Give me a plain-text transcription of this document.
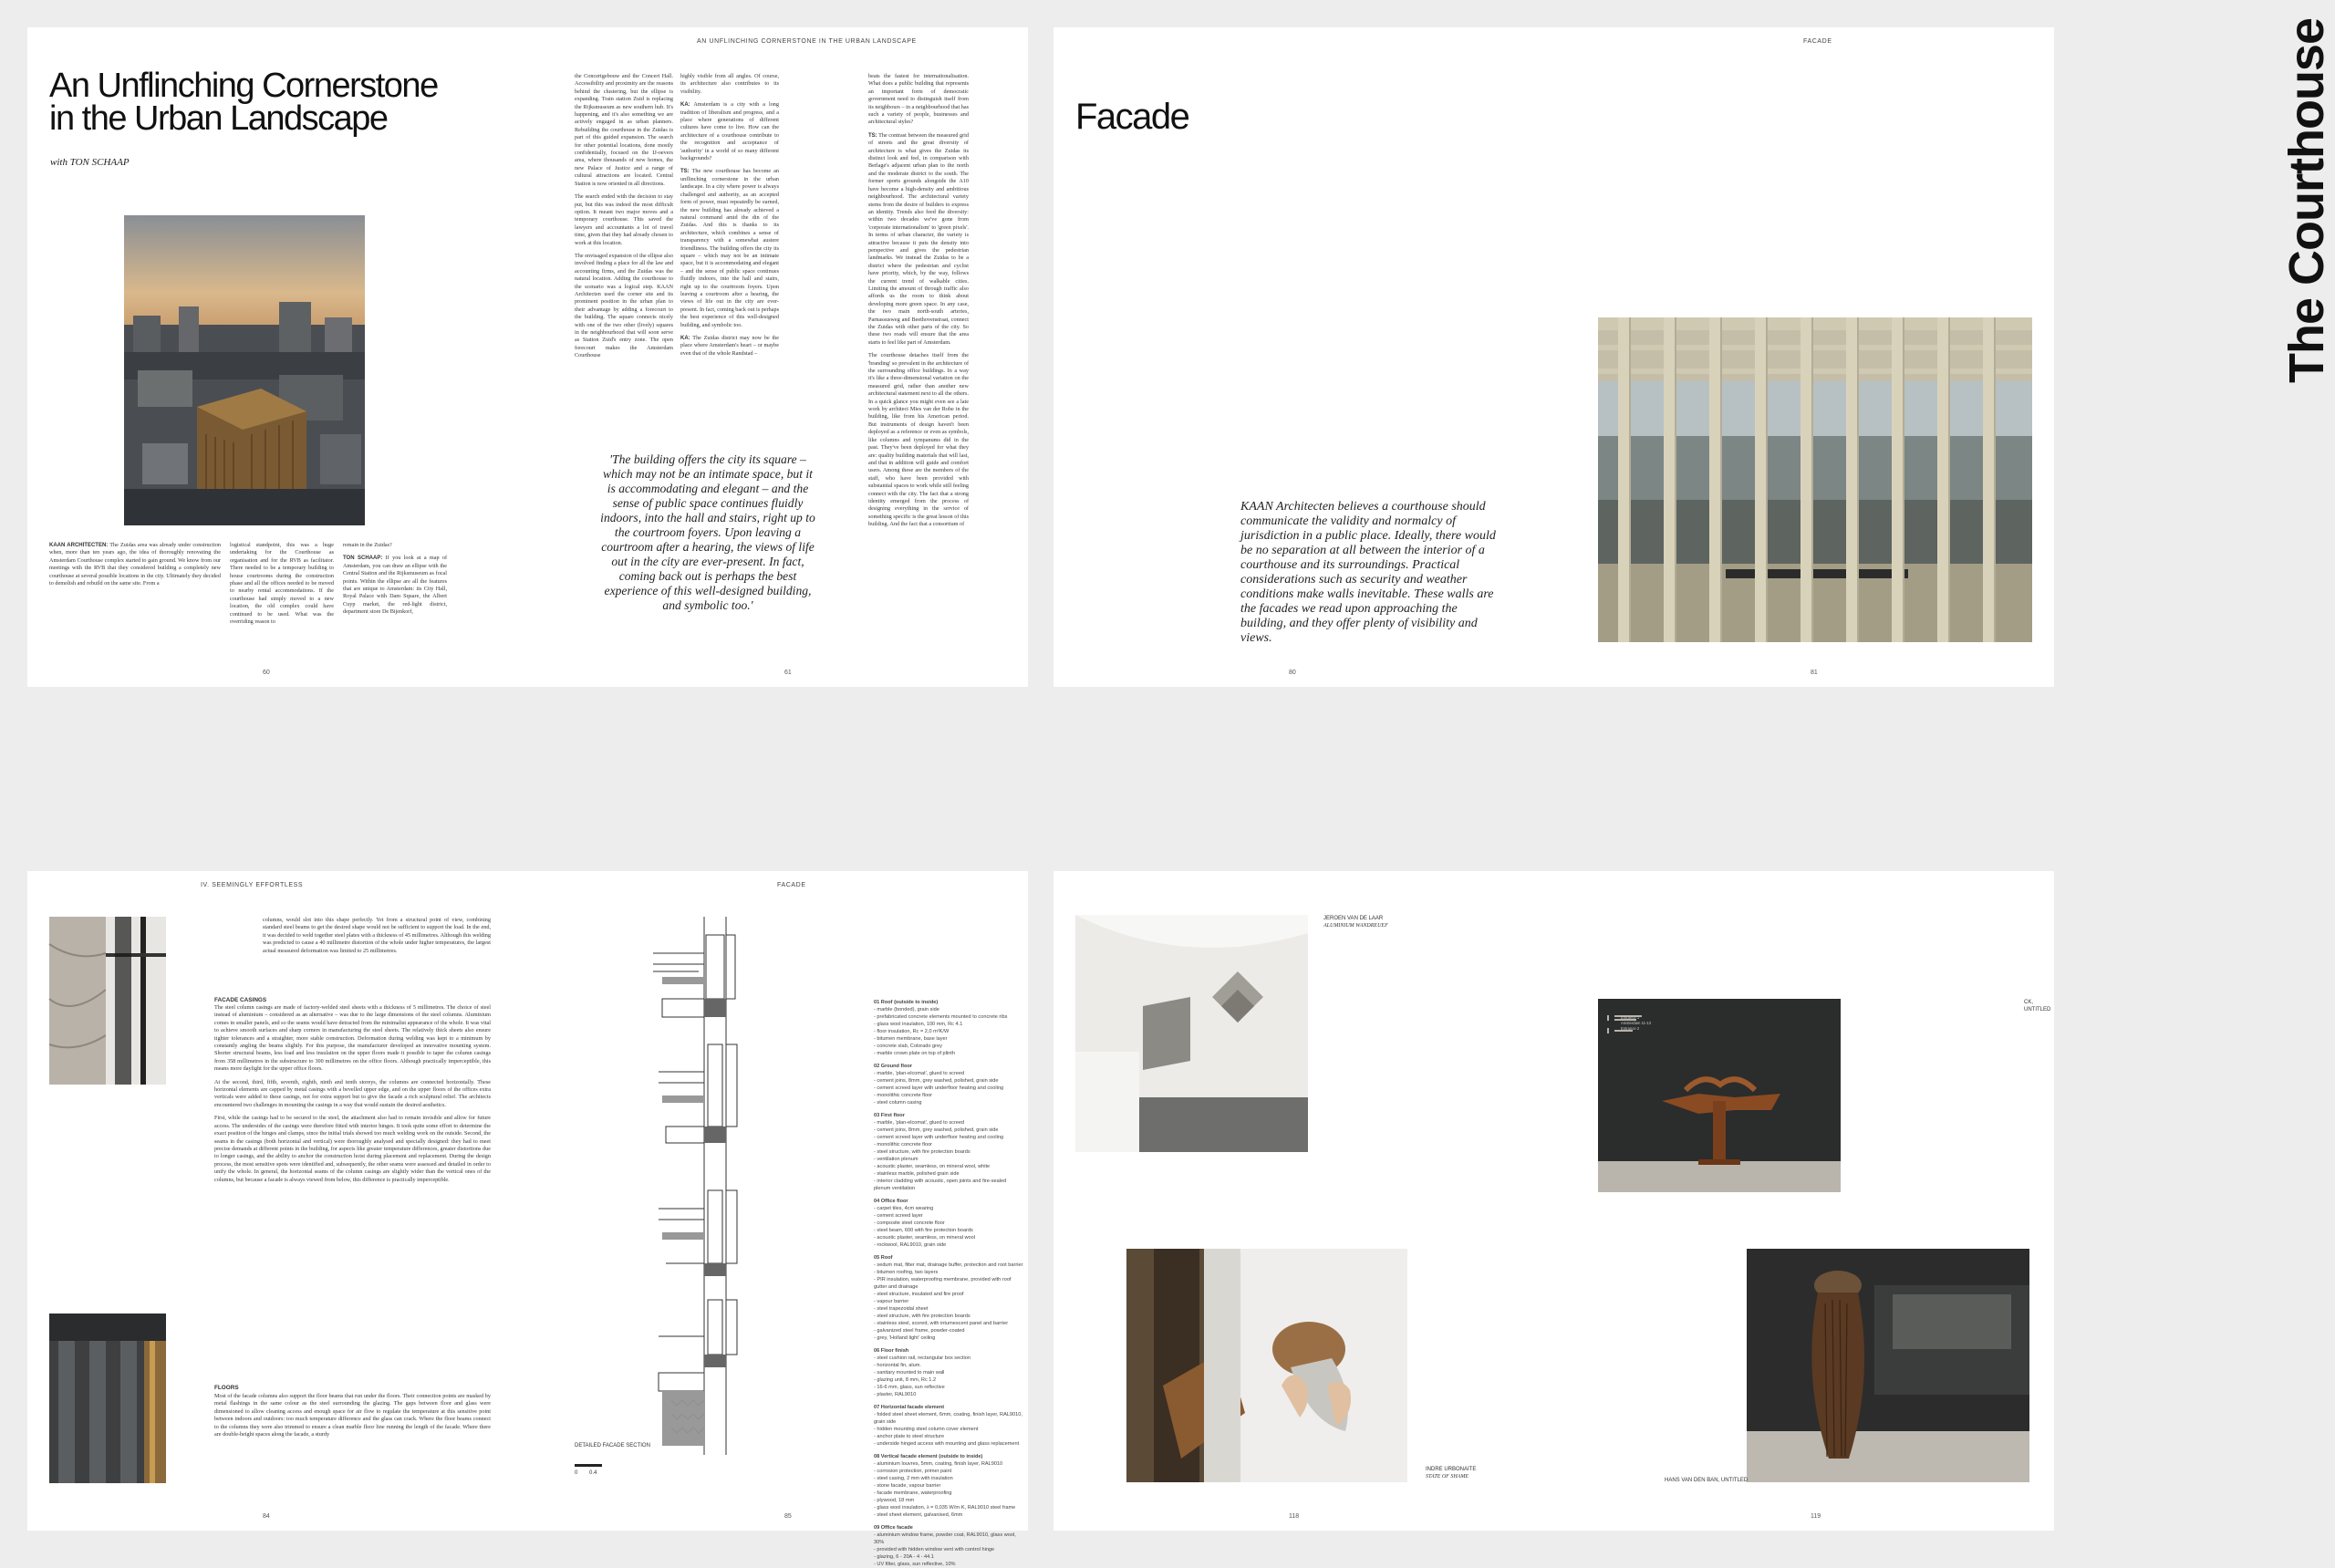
AN UNFLINCHING CORNERSTONE IN THE URBAN LANDSCAPE
An Unflinching Cornerstone
in the Urban Landscape
with TON SCHAAP
KAAN ARCHITECTEN: The Zuidas area was already under construction when, more than ten years ago, the idea of thoroughly renovating the Amsterdam Courthouse complex started to gain ground. We know from our meetings with the RVB that they considered building a completely new courthouse at several possible locations in the city. Ultimately they decided to demolish and rebuild on the same site. From a
logistical standpoint, this was a huge undertaking for the Courthouse as organisation and for the RVB as facilitator. There needed to be a temporary building to house courtrooms during the construction phase and all the offices needed to be moved to nearby rental accommodations. If the courthouse had simply moved to a new location, the old complex could have continued to be used. What was the overriding reason to

remain in the Zuidas?

TON SCHAAP: If you look at a map of Amsterdam, you can draw an ellipse with the Central Station and the Rijksmuseum as focal points. Within the ellipse are all the features that are unique to Amsterdam: its City Hall, Royal Palace with Dam Square, the Albert Cuyp market, the red-light district, department store De Bijenkorf,

the Concertgebouw and the Concert Hall. Accessibility and proximity are the reasons behind the clustering, but the ellipse is expanding. Train station Zuid is replacing the Rijksmuseum as new southern hub. It's happening, and it's also something we are actively engaged in as urban planners. Rebuilding the courthouse in the Zuidas is part of this guided expansion. The search for other potential locations, done mostly confidentially, focused on the IJ-oevers area, where thousands of new homes, the new Palace of Justice and a range of cultural attractions are located. Central Station is now oriented in all directions.

The search ended with the decision to stay put, but this was indeed the most difficult option. It meant two major moves and a temporary courthouse. This saved the lawyers and accountants a lot of travel time, given that they had already chosen to work at this location.

The envisaged expansion of the ellipse also involved finding a place for all the law and accounting firms, and the Zuidas was the natural location. Adding the courthouse to the scenario was a logical step. KAAN Architecten used the corner site and its prominent position in the urban plan to their advantage by adding a forecourt to the building. The square connects nicely with one of the two other (lively) squares in the neighbourhood that will soon serve as Station Zuid's entry zone. The open forecourt makes the Amsterdam Courthouse

highly visible from all angles. Of course, its architecture also contributes to its visibility.

KA: Amsterdam is a city with a long tradition of liberalism and progress, and a place where generations of different cultures have come to live. How can the architecture of a courthouse contribute to the recognition and acceptance of 'authority' in a world of so many different backgrounds?

TS: The new courthouse has become an unflinching cornerstone in the urban landscape. In a city where power is always challenged and authority, as an accepted form of power, must repeatedly be earned, the new building has already achieved a natural command amid the din of the Zuidas. And this is thanks to its architecture, which combines a sense of transparency with a somewhat austere friendliness. The building offers the city its square – which may not be an intimate space, but it is accommodating and elegant – and the sense of public space continues fluidly indoors, into the hall and stairs, right up to the courtroom foyers. Upon leaving a courtroom after a hearing, the views of life out in the city are ever-present. In fact, coming back out is perhaps the best experience of this well-designed building, and symbolic too.

KA: The Zuidas district may now be the place where Amsterdam's heart – or maybe even that of the whole Randstad –

beats the fastest for internationalisation. What does a public building that represents an important form of democratic government need to distinguish itself from its neighbours – in a neighbourhood that has such a variety of people, businesses and architectural styles?

TS: The contrast between the measured grid of streets and the great diversity of architecture is what gives the Zuidas its distinct look and feel, in comparison with Berlage's adjacent urban plan to the north and the moderate district to the south. The former sports grounds alongside the A10 have become a high-density and ambitious neighbourhood. The architectural variety stems from the desire of builders to express an identity. Trends also feed the diversity: within two decades we've gone from 'corporate internationalism' to 'green pixels'. In terms of urban character, the variety is attractive because it puts the density into perspective and gives the pedestrian landmarks. We instead the Zuidas to be a district where the pedestrian and cyclist have priority, which, by the way, follows the current trend of walkable cities. Limiting the amount of through traffic also affords us the room to think about developing more green space. In any case, the two main north-south arteries, Parnassusweg and Beethovenstraat, connect the Zuidas with other parts of the city. So these two roads will ensure that the area starts to feel like part of Amsterdam.

The courthouse detaches itself from the 'branding' so prevalent in the architecture of the surrounding office buildings. In a way it's like a three-dimensional variation on the measured grid, rather than another new architectural statement next to all the others. In a quick glance you might even see a late work by architect Mies van der Rohe in the building, like from his American period. But instruments of design haven't been deployed as a reference or even as symbols, like columns and tympanums did in the past. They've been deployed for what they are: quality building materials that will last, and that in addition will guide and comfort users. Among these are the members of the staff, who have been provided with substantial spaces to work while still feeling connect with the city. The fact that a strong identity emerged from the process of designing everything in the service of something specific is the great lesson of this building. And the fact that a consortium of

'The building offers the city its square – which may not be an intimate space, but it is accommodating and elegant – and the sense of public space continues fluidly indoors, into the hall and stairs, right up to the courtroom foyers. Upon leaving a courtroom after a hearing, the views of life out in the city are ever-present. In fact, coming back out is perhaps the best experience of this well-designed building, and symbolic too.'
60	61
FACADE
Facade
KAAN Architecten believes a courthouse should communicate the validity and normalcy of jurisdiction in a public place. Ideally, there would be no separation at all between the interior of a courthouse and its surroundings. Practical considerations such as security and weather conditions make walls inevitable. These walls are the facades we read upon approaching the building, and they offer plenty of visibility and views.
80	81
IV. SEEMINGLY EFFORTLESS	FACADE
columns, would slot into this shape perfectly. Yet from a structural point of view, combining standard steel beams to get the desired shape would not be sufficient to support the load. In the end, it was decided to weld together steel plates with a thickness of 45 millimetres. Although this welding was predicted to cause a 40 millimetre distortion of the whole under higher temperatures, the largest actual measured deformation was limited to 25 millimetres.
FACADE CASINGS

The steel column casings are made of factory-welded steel sheets with a thickness of 5 millimetres. The choice of steel instead of aluminium – considered as an alternative – was due to the large dimensions of the steel columns. Aluminium comes in smaller panels, and so the seams would have detracted from the minimalist appearance of the whole. It was vital to achieve smooth surfaces and sharp corners in manufacturing the steel sheets. The relatively thick sheets also ensure tighter tolerances and a straighter, more stable construction. Deformation during welding was kept to a minimum by constantly angling the beams slightly. For this purpose, the manufacturer developed an innovative mounting system. Shorter structural beams, less load and less insulation on the upper floors made it possible to taper the column casings from 358 millimetres in the substructure to 300 millimetres on the office floors. Although practically imperceptible, this means more daylight for the upper office floors.

At the second, third, fifth, seventh, eighth, ninth and tenth storeys, the columns are connected horizontally. These horizontal elements are capped by metal casings with a bevelled upper edge, and on the upper floors of the offices extra verticals were added to these casings, not for extra support but to give the facade a rich sculptural relief. The architects encountered two challenges in mounting the casings in a way that would sustain the desired aesthetics.

First, while the casings had to be secured to the steel, the attachment also had to remain invisible and allow for future access. The undersides of the casings were therefore fitted with interior hinges. It took quite some effort to determine the exact position of the hinges and clamps, since the initial trials showed too much welding work on the outside. Second, the seams in the casings (both horizontal and vertical) were thoroughly analysed and specially designed: they had to meet precise demands at different points in the building, for aspects like greater temperature differences, greater distortions due to longer casings, and the ability to anchor the construction hoist during placement and replacement. During the design process, the most sensitive spots were identified and, subsequently, the other seams were assessed and detailed in order to unify the whole. In general, the horizontal seams of the column casings are slightly wider than the vertical ones of the columns, but because a facade is always viewed from below, this difference is practically imperceptible.

FLOORS
Most of the facade columns also support the floor beams that run under the floors. Their connection points are masked by metal flashings in the same colour as the steel surrounding the glazing. The gaps between floor and glass were dimensioned to allow cleaning access and enough space for air flow to regulate the temperature at this sensitive point between indoors and outdoors: too much temperature difference and the glass can crack. Where the floor beams connect to the columns they were also trimmed to ensure a clean marble floor line running the length of the facade. Where there are double-height spaces along the facade, a sturdy
DETAILED FACADE SECTION
0 0.4
01 Roof (outside to inside)
- marble (bonded), grain side
- prefabricated concrete elements mounted to concrete ribs
- glass wool insulation, 100 mm, Rc 4.1
- floor insulation, Rc = 2,0 m²K/W
- bitumen membrane, base layer
- concrete slab, Colorado grey
- marble crown plate on top of plinth
02 Ground floor
- marble, 'plan-elcomat', glued to screed
- cement joins, 8mm, grey washed, polished, grain side
- cement screed layer with underfloor heating and cooling
- monolithic concrete floor
- steel column casing
03 First floor
- marble, 'plan-elcomat', glued to screed
- cement joins, 8mm, grey washed, polished, grain side
- cement screed layer with underfloor heating and cooling
- monolithic concrete floor
- steel structure, with fire protection boards
- ventilation plenum
- acoustic plaster, seamless, on mineral wool, white
- stainless marble, polished grain side
- interior cladding with acoustic, open joints and fire-sealed plenum ventilation
04 Office floor
- carpet tiles, 4cm wearing
- cement screed layer
- composite steel concrete floor
- steel beam, 600 with fire protection boards
- acoustic plaster, seamless, on mineral wool
- rockwool, RAL9010, grain side
05 Roof
- sedum mat, filter mat, drainage buffer, protection and root barrier
- bitumen roofing, two layers
- PIR insulation, waterproofing membrane, provided with roof gutter and drainage
- steel structure, insulated and fire proof
- vapour barrier
- steel trapezoidal sheet
- steel structure, with fire protection boards
- stainless steel, scored, with intumescent panel and barrier
- galvanized steel frame, powder-coated
- grey, 'Holland light' ceiling
06 Floor finish
- steel cushion rail, rectangular box section
- horizontal fin, alum.
- sanitary mounted to main wall
- glazing unit, 8 mm, Rc 1.2
- 16-6 mm, glass, sun reflective
- plaster, RAL9010
07 Horizontal facade element
- folded steel sheet element, 6mm, coating, finish layer, RAL9010, grain side
- hidden mounting steel column cover element
- anchor plate to steel structure
- underside hinged access with mounting and glass replacement
08 Vertical facade element (outside to inside)
- aluminium louvres, 5mm, coating, finish layer, RAL9010
- corrosion protection, primer paint
- steel casing, 2 mm with insulation
- stone facade, vapour barrier
- facade membrane, waterproofing
- plywood, 18 mm
- glass wool insulation, λ = 0,035 W/m·K, RAL9010 steel frame
- steel sheet element, galvanised, 6mm
09 Office facade
- aluminium window frame, powder coat, RAL9010, glass wool, 30%
- provided with hidden window vent with control hinge
- glazing, 6 - 20A - 4 - 44.1
- UV filter, glass, sun reflective, 10%
84	85
JEROEN VAN DE LAAR
ALUMINIUM WANDREUEF
INDRE URBONAITE
STATE OF SHAME
CK, UNTITLED
Entrance 1
Amsterdam 11-13
Entrance 2
HANS VAN DEN BAN, UNTITLED
118	119
The Courthouse
